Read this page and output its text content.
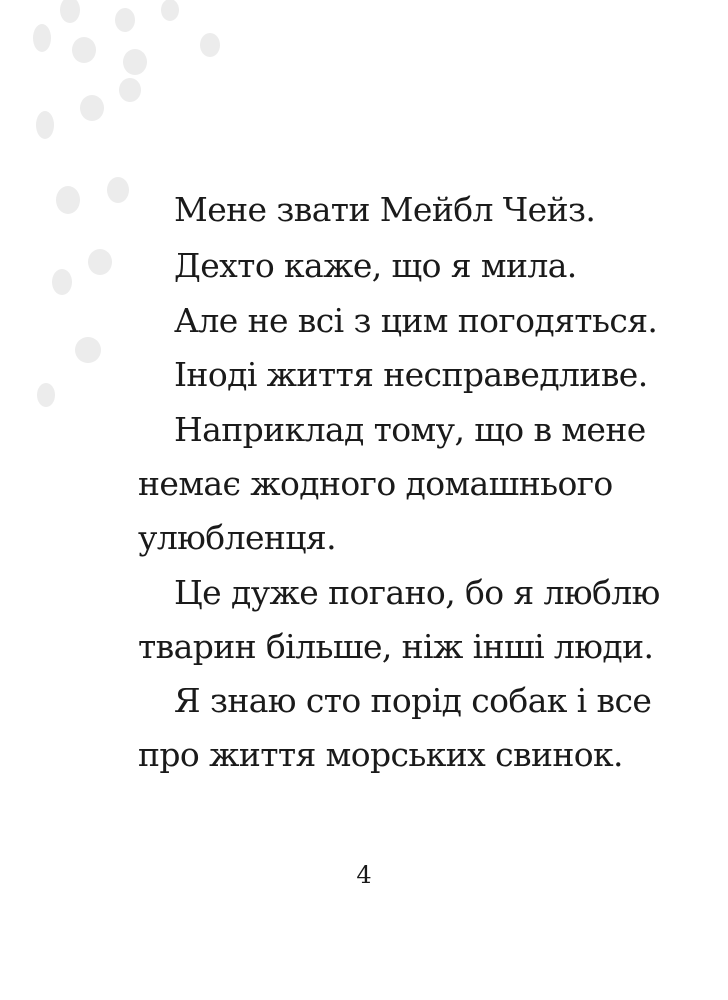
Мене звати Мейбл Чейз.
Дехто каже, що я мила.
Але не всі з цим погодяться.
Іноді життя несправедливе.
Наприклад тому, що в мене
немає жодного домашнього
улюбленця.
Це дуже погано, бо я люблю
тварин більше, ніж інші люди.
Я знаю сто порід собак і все
про життя морських свинок.
4
